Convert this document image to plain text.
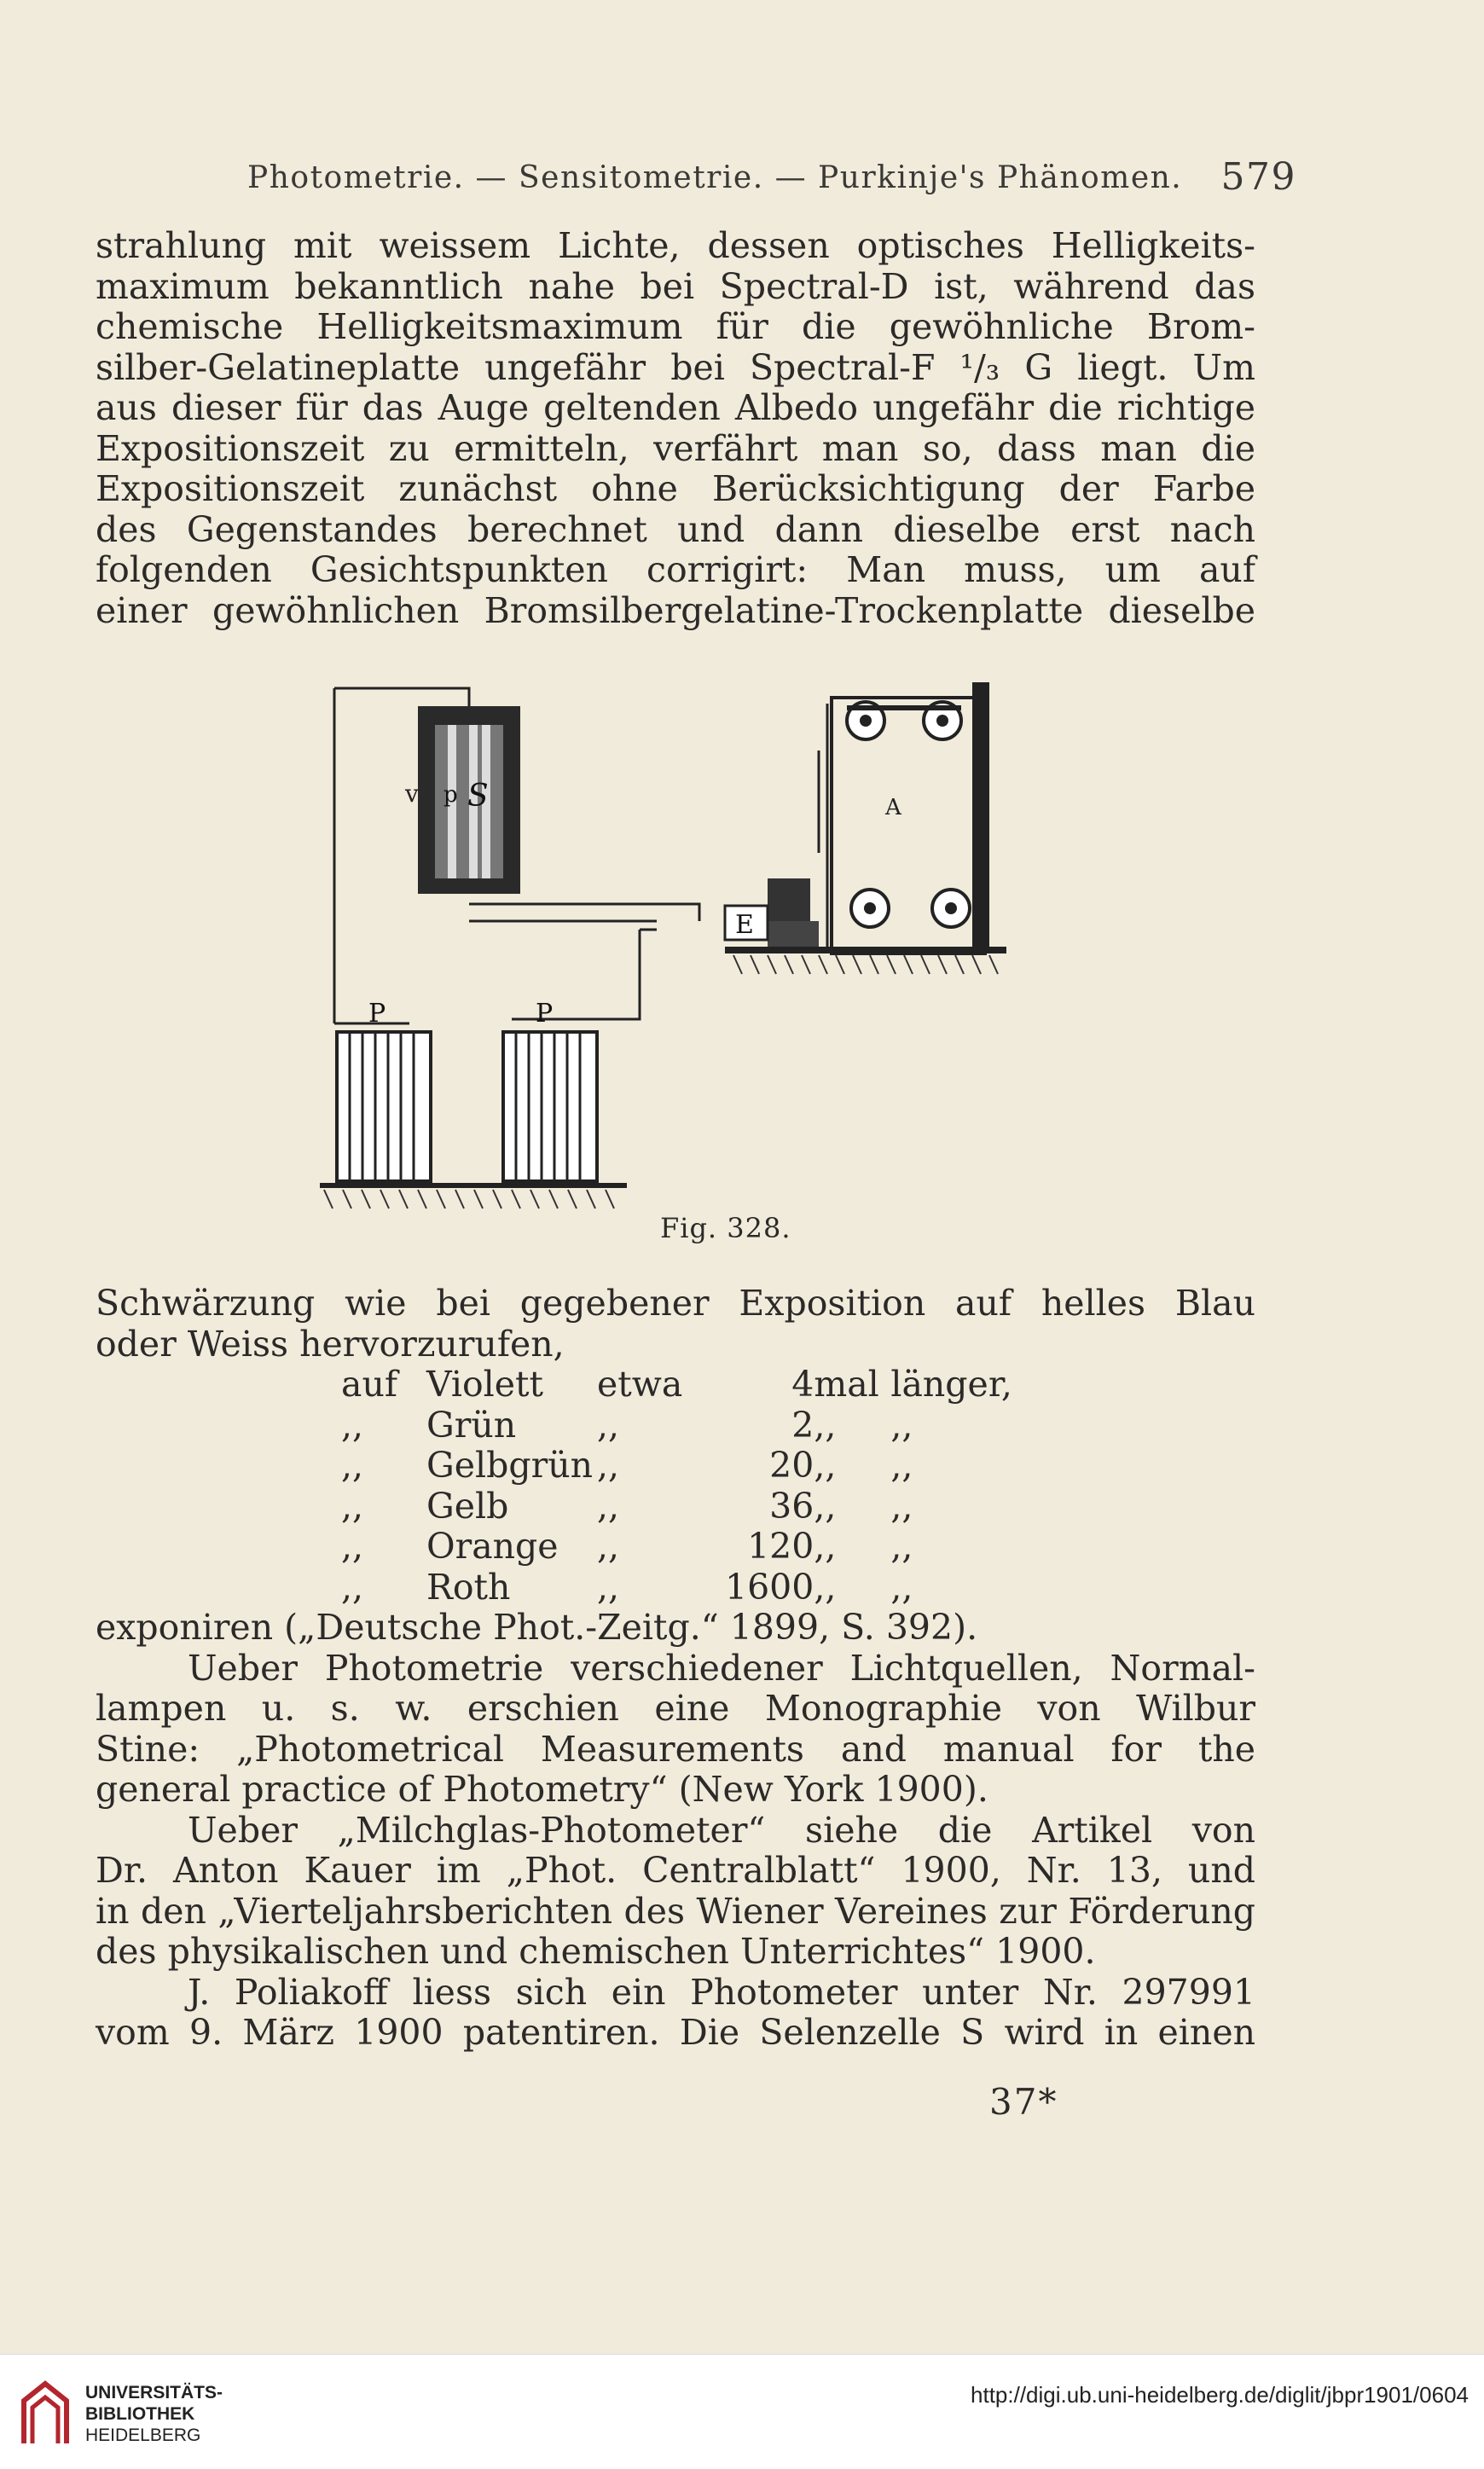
Photometrie. — Sensitometrie. — Purkinje's Phänomen. 579
strahlung mit weissem Lichte, dessen optisches Helligkeits-
maximum bekanntlich nahe bei Spectral-D ist, während das
chemische Helligkeitsmaximum für die gewöhnliche Brom-
silber-Gelatineplatte ungefähr bei Spectral-F ¹/₃ G liegt. Um
aus dieser für das Auge geltenden Albedo ungefähr die richtige
Expositionszeit zu ermitteln, verfährt man so, dass man die
Expositionszeit zunächst ohne Berücksichtigung der Farbe
des Gegenstandes berechnet und dann dieselbe erst nach
folgenden Gesichtspunkten corrigirt: Man muss, um auf
einer gewöhnlichen Bromsilbergelatine-Trockenplatte dieselbe
v p S	A
E
P	P
Fig. 328.
Schwärzung wie bei gegebener Exposition auf helles Blau
oder Weiss hervorzurufen,
auf	Violett	etwa	4	mal	länger,
,,	Grün	,,	2	,,	,,
,,	Gelbgrün	,,	20	,,	,,
,,	Gelb	,,	36	,,	,,
,,	Orange	,,	120	,,	,,
,,	Roth	,,	1600	,,	,,
exponiren („Deutsche Phot.-Zeitg.“ 1899, S. 392).
Ueber Photometrie verschiedener Lichtquellen, Normal-
lampen u. s. w. erschien eine Monographie von Wilbur
Stine: „Photometrical Measurements and manual for the
general practice of Photometry“ (New York 1900).
Ueber „Milchglas-Photometer“ siehe die Artikel von
Dr. Anton Kauer im „Phot. Centralblatt“ 1900, Nr. 13, und
in den „Vierteljahrsberichten des Wiener Vereines zur Förderung
des physikalischen und chemischen Unterrichtes“ 1900.
J. Poliakoff liess sich ein Photometer unter Nr. 297991
vom 9. März 1900 patentiren. Die Selenzelle S wird in einen
37*
UNIVERSITÄTS-
BIBLIOTHEK
HEIDELBERG
http://digi.ub.uni-heidelberg.de/diglit/jbpr1901/0604
